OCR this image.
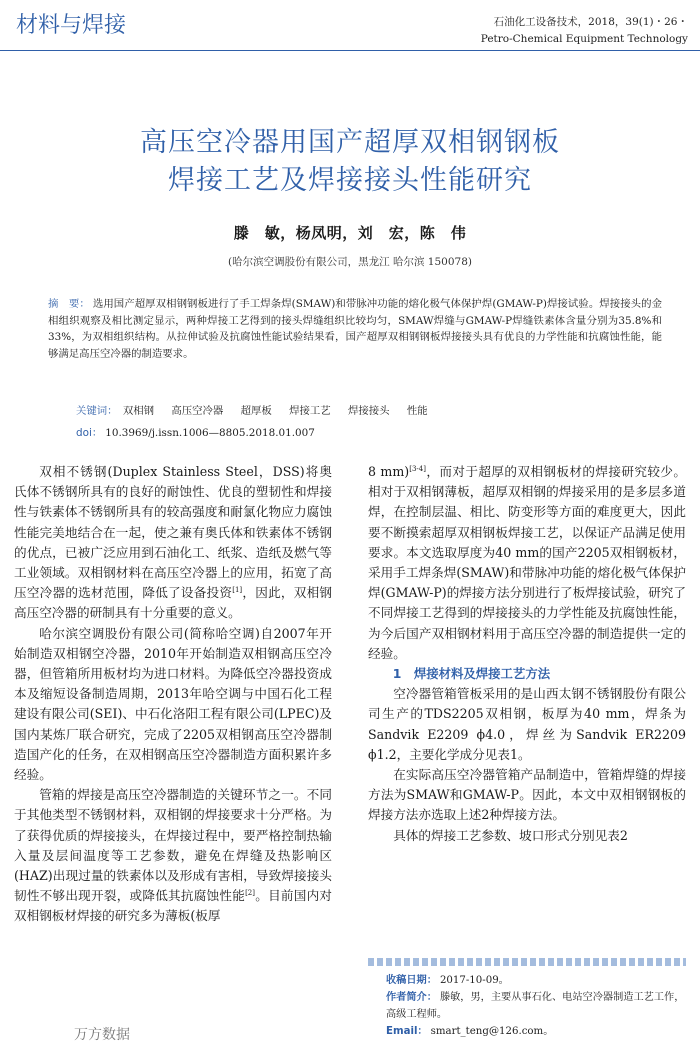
材料与焊接	石油化工设备技术，2018，39(1)・26・
Petro-Chemical Equipment Technology
高压空冷器用国产超厚双相钢钢板
焊接工艺及焊接接头性能研究
滕　敏，杨凤明，刘　宏，陈　伟
(哈尔滨空调股份有限公司，黑龙江 哈尔滨 150078)
摘　要： 选用国产超厚双相钢钢板进行了手工焊条焊(SMAW)和带脉冲功能的熔化极气体保护焊(GMAW-P)焊接试验。焊接接头的金相组织观察及相比测定显示，两种焊接工艺得到的接头焊缝组织比较均匀，SMAW焊缝与GMAW-P焊缝铁素体含量分别为35.8%和33%，为双相组织结构。从拉伸试验及抗腐蚀性能试验结果看，国产超厚双相钢钢板焊接接头具有优良的力学性能和抗腐蚀性能，能够满足高压空冷器的制造要求。
关键词： 双相钢 高压空冷器 超厚板 焊接工艺 焊接接头 性能
doi： 10.3969/j.issn.1006—8805.2018.01.007

双相不锈钢(Duplex Stainless Steel，DSS)将奥氏体不锈钢所具有的良好的耐蚀性、优良的塑韧性和焊接性与铁素体不锈钢所具有的较高强度和耐氯化物应力腐蚀性能完美地结合在一起，使之兼有奥氏体和铁素体不锈钢的优点，已被广泛应用到石油化工、纸浆、造纸及燃气等工业领域。双相钢材料在高压空冷器上的应用，拓宽了高压空冷器的选材范围，降低了设备投资[1]，因此，双相钢高压空冷器的研制具有十分重要的意义。

哈尔滨空调股份有限公司(简称哈空调)自2007年开始制造双相钢空冷器，2010年开始制造双相钢高压空冷器，但管箱所用板材均为进口材料。为降低空冷器投资成本及缩短设备制造周期，2013年哈空调与中国石化工程建设有限公司(SEI)、中石化洛阳工程有限公司(LPEC)及国内某炼厂联合研究，完成了2205双相钢高压空冷器制造国产化的任务，在双相钢高压空冷器制造方面积累许多经验。

管箱的焊接是高压空冷器制造的关键环节之一。不同于其他类型不锈钢材料，双相钢的焊接要求十分严格。为了获得优质的焊接接头，在焊接过程中，要严格控制热输入量及层间温度等工艺参数，避免在焊缝及热影响区(HAZ)出现过量的铁素体以及形成有害相，导致焊接接头韧性不够出现开裂，或降低其抗腐蚀性能[2]。目前国内对双相钢板材焊接的研究多为薄板(板厚

8 mm)[3-4]，而对于超厚的双相钢板材的焊接研究较少。相对于双相钢薄板，超厚双相钢的焊接采用的是多层多道焊，在控制层温、相比、防变形等方面的难度更大，因此要不断摸索超厚双相钢板焊接工艺，以保证产品满足使用要求。本文选取厚度为40 mm的国产2205双相钢板材，采用手工焊条焊(SMAW)和带脉冲功能的熔化极气体保护焊(GMAW-P)的焊接方法分别进行了板焊接试验，研究了不同焊接工艺得到的焊接接头的力学性能及抗腐蚀性能，为今后国产双相钢材料用于高压空冷器的制造提供一定的经验。

1  焊接材料及焊接工艺方法

空冷器管箱管板采用的是山西太钢不锈钢股份有限公司生产的TDS2205双相钢，板厚为40 mm，焊条为Sandvik E2209 ϕ4.0，焊丝为Sandvik ER2209 ϕ1.2，主要化学成分见表1。

在实际高压空冷器管箱产品制造中，管箱焊缝的焊接方法为SMAW和GMAW-P。因此，本文中双相钢钢板的焊接方法亦选取上述2种焊接方法。

具体的焊接工艺参数、坡口形式分别见表2

收稿日期： 2017-10-09。

作者简介： 滕敏，男，主要从事石化、电站空冷器制造工艺工作，高级工程师。

Email： smart_teng@126.com。

万方数据
